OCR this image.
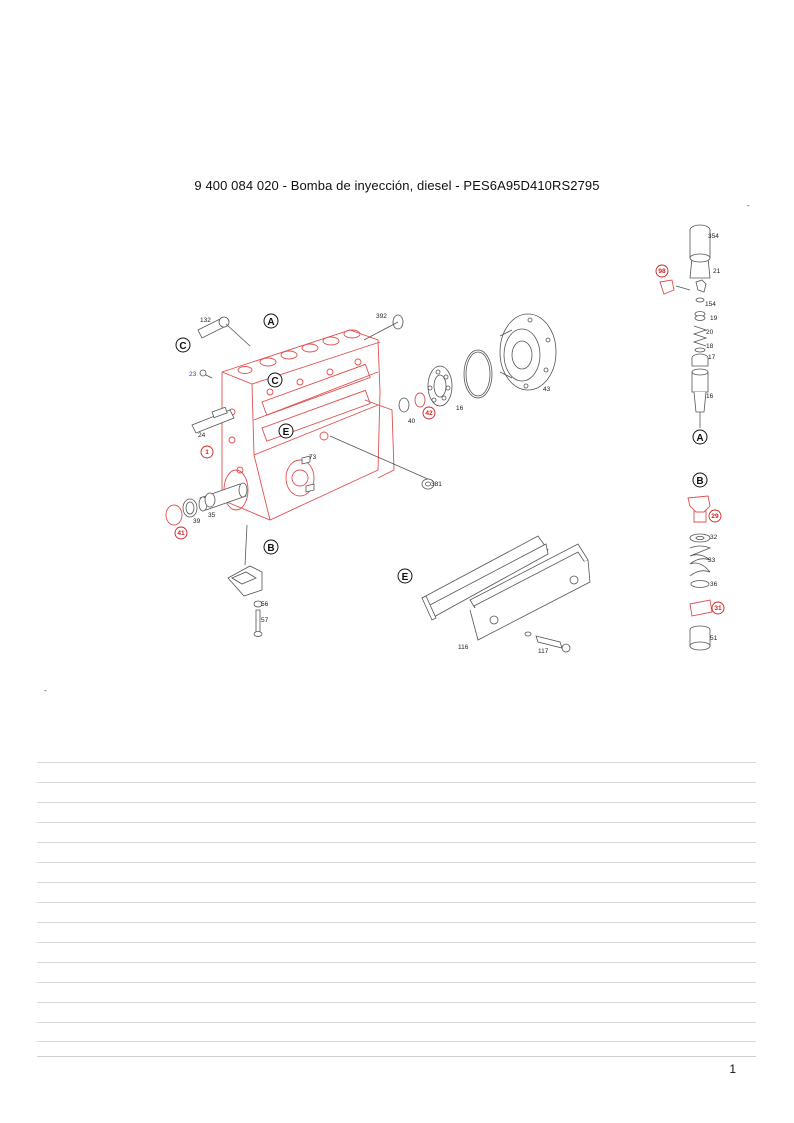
9 400 084 020 - Bomba de inyección, diesel - PES6A95D410RS2795
-
-
C
A
C
E
B
E
A
B
132
23
24
392
40
16
43
73
381
35
39
56
57
116
117
354
21
154
19
20
18
17
16
32
33
36
51
1
42
41
98
29
31
1
